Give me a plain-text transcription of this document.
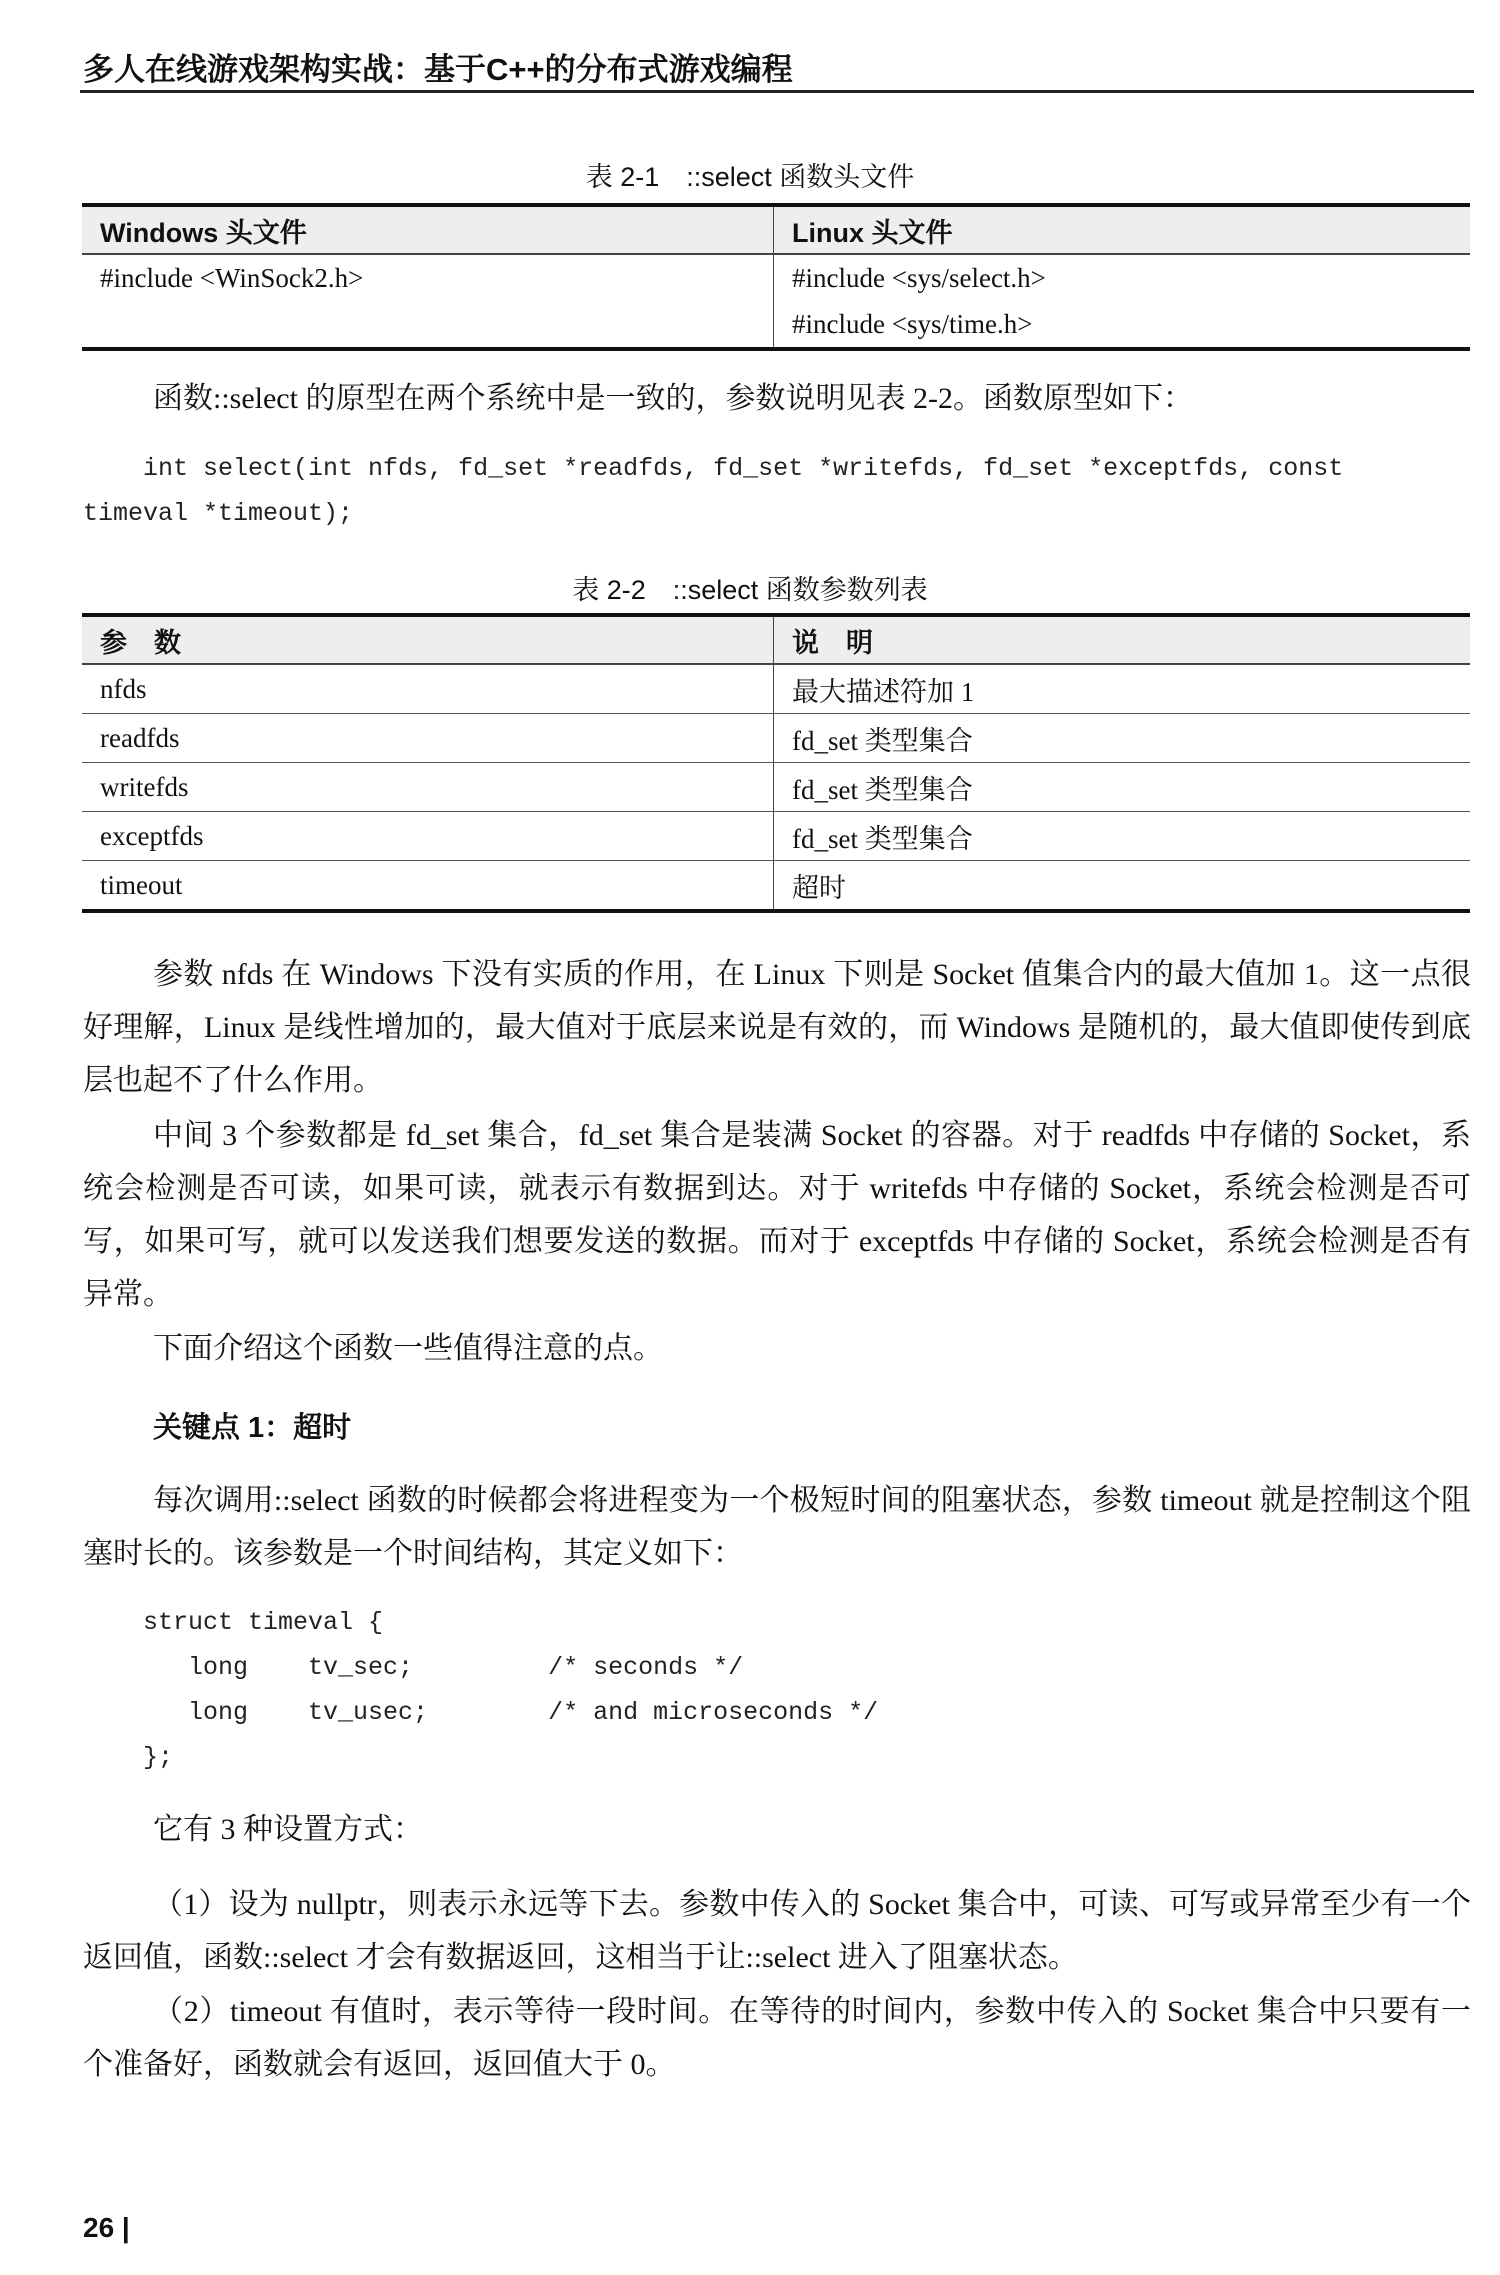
多人在线游戏架构实战：基于C++的分布式游戏编程
表 2-1　::select 函数头文件
Windows 头文件	Linux 头文件
#include <WinSock2.h>	#include <sys/select.h>
#include <sys/time.h>
函数::select 的原型在两个系统中是一致的，参数说明见表 2-2。函数原型如下：
int select(int nfds, fd_set *readfds, fd_set *writefds, fd_set *exceptfds, const
timeval *timeout);
表 2-2　::select 函数参数列表
参　数	说　明
nfds	最大描述符加 1
readfds	fd_set 类型集合
writefds	fd_set 类型集合
exceptfds	fd_set 类型集合
timeout	超时
参数 nfds 在 Windows 下没有实质的作用，在 Linux 下则是 Socket 值集合内的最大值加 1。这一点很好理解，Linux 是线性增加的，最大值对于底层来说是有效的，而 Windows 是随机的，最大值即使传到底层也起不了什么作用。
中间 3 个参数都是 fd_set 集合，fd_set 集合是装满 Socket 的容器。对于 readfds 中存储的 Socket，系统会检测是否可读，如果可读，就表示有数据到达。对于 writefds 中存储的 Socket，系统会检测是否可写，如果可写，就可以发送我们想要发送的数据。而对于 exceptfds 中存储的 Socket，系统会检测是否有异常。
下面介绍这个函数一些值得注意的点。
关键点 1：超时
每次调用::select 函数的时候都会将进程变为一个极短时间的阻塞状态，参数 timeout 就是控制这个阻塞时长的。该参数是一个时间结构，其定义如下：
struct timeval {
long    tv_sec;         /* seconds */
long    tv_usec;        /* and microseconds */
};
它有 3 种设置方式：
（1）设为 nullptr，则表示永远等下去。参数中传入的 Socket 集合中，可读、可写或异常至少有一个返回值，函数::select 才会有数据返回，这相当于让::select 进入了阻塞状态。
（2）timeout 有值时，表示等待一段时间。在等待的时间内，参数中传入的 Socket 集合中只要有一个准备好，函数就会有返回，返回值大于 0。
26 |
